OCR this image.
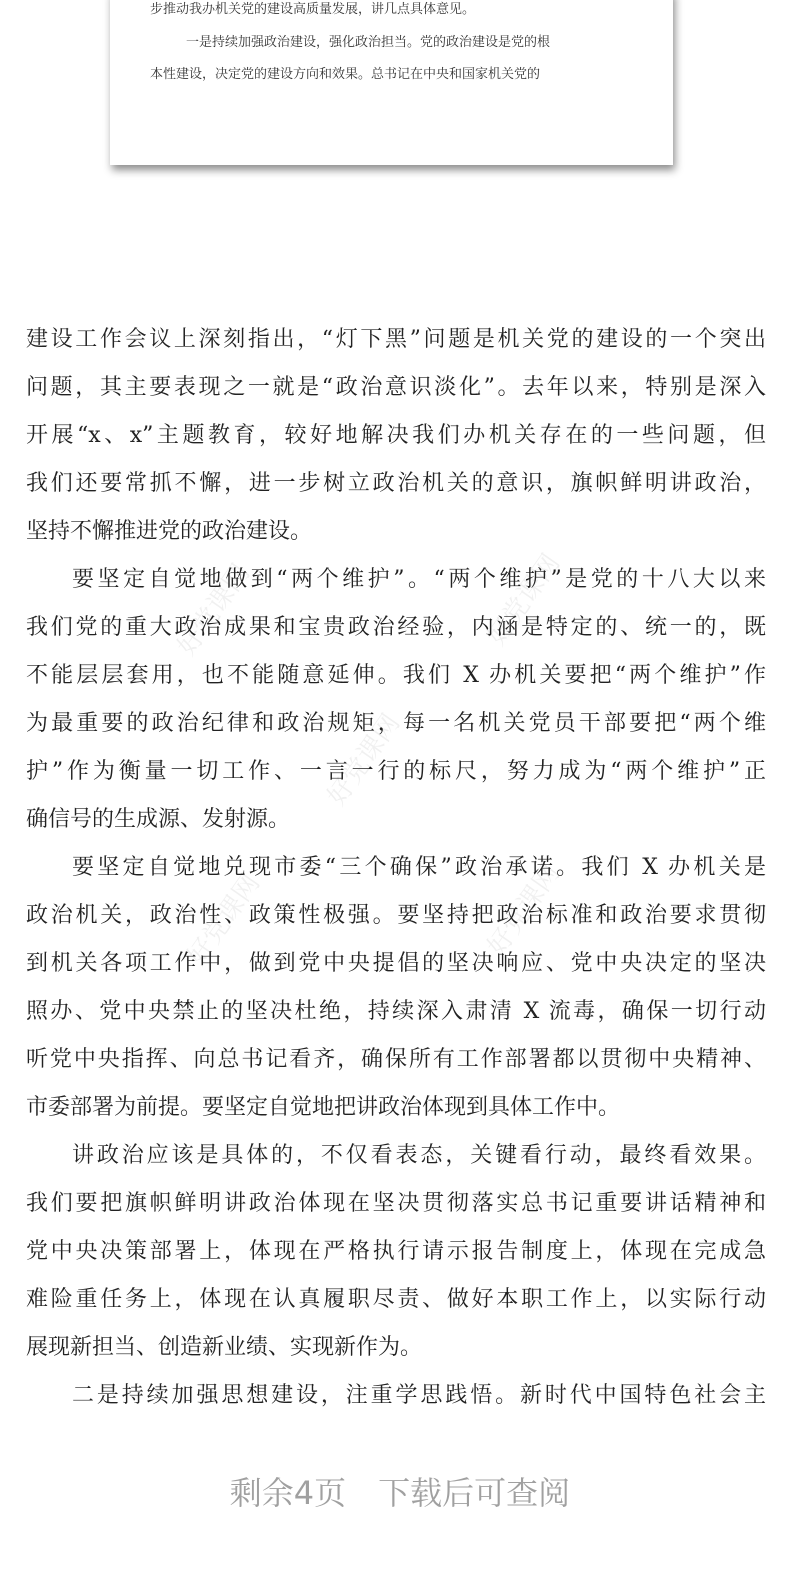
步推动我办机关党的建设高质量发展，讲几点具体意见。
一是持续加强政治建设，强化政治担当。党的政治建设是党的根
本性建设，决定党的建设方向和效果。总书记在中央和国家机关党的
好党课网	好党课网
好党课网
好党课网	好党课网
建设工作会议上深刻指出，“灯下黑”问题是机关党的建设的一个突出
问题，其主要表现之一就是“政治意识淡化”。去年以来，特别是深入
开展“x、x”主题教育，较好地解决我们办机关存在的一些问题，但
我们还要常抓不懈，进一步树立政治机关的意识，旗帜鲜明讲政治，
坚持不懈推进党的政治建设。
要坚定自觉地做到“两个维护”。“两个维护”是党的十八大以来
我们党的重大政治成果和宝贵政治经验，内涵是特定的、统一的，既
不能层层套用，也不能随意延伸。我们 X 办机关要把“两个维护”作
为最重要的政治纪律和政治规矩，每一名机关党员干部要把“两个维
护”作为衡量一切工作、一言一行的标尺，努力成为“两个维护”正
确信号的生成源、发射源。
要坚定自觉地兑现市委“三个确保”政治承诺。我们 X 办机关是
政治机关，政治性、政策性极强。要坚持把政治标准和政治要求贯彻
到机关各项工作中，做到党中央提倡的坚决响应、党中央决定的坚决
照办、党中央禁止的坚决杜绝，持续深入肃清 X 流毒，确保一切行动
听党中央指挥、向总书记看齐，确保所有工作部署都以贯彻中央精神、
市委部署为前提。要坚定自觉地把讲政治体现到具体工作中。
讲政治应该是具体的，不仅看表态，关键看行动，最终看效果。
我们要把旗帜鲜明讲政治体现在坚决贯彻落实总书记重要讲话精神和
党中央决策部署上，体现在严格执行请示报告制度上，体现在完成急
难险重任务上，体现在认真履职尽责、做好本职工作上，以实际行动
展现新担当、创造新业绩、实现新作为。
二是持续加强思想建设，注重学思践悟。新时代中国特色社会主
剩余4页 下载后可查阅
